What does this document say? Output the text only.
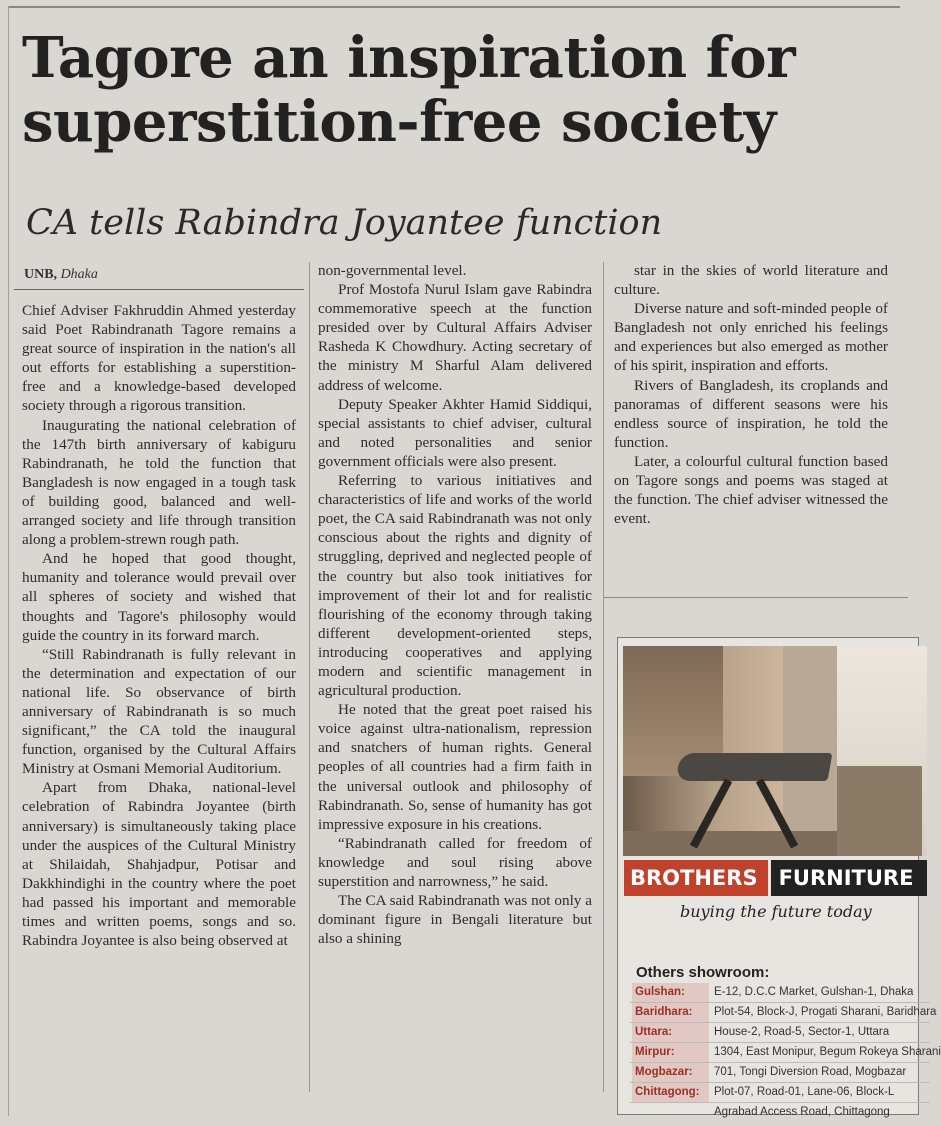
Tagore an inspiration for superstition-free society
CA tells Rabindra Joyantee function
UNB, Dhaka

Chief Adviser Fakhruddin Ahmed yesterday said Poet Rabindranath Tagore remains a great source of inspiration in the nation's all out efforts for establishing a superstition-free and a knowledge-based developed society through a rigorous transition.

Inaugurating the national celebration of the 147th birth anniversary of kabiguru Rabindranath, he told the function that Bangladesh is now engaged in a tough task of building good, balanced and well-arranged society and life through transition along a problem-strewn rough path.

And he hoped that good thought, humanity and tolerance would prevail over all spheres of society and wished that thoughts and Tagore's philosophy would guide the country in its forward march.

“Still Rabindranath is fully relevant in the determination and expectation of our national life. So observance of birth anniversary of Rabindranath is so much significant,” the CA told the inaugural function, organised by the Cultural Affairs Ministry at Osmani Memorial Auditorium.

Apart from Dhaka, national-level celebration of Rabindra Joyantee (birth anniversary) is simultaneously taking place under the auspices of the Cultural Ministry at Shilaidah, Shahjadpur, Potisar and Dakkhindighi in the country where the poet had passed his important and memorable times and written poems, songs and so. Rabindra Joyantee is also being observed at

non-governmental level.

Prof Mostofa Nurul Islam gave Rabindra commemorative speech at the function presided over by Cultural Affairs Adviser Rasheda K Chowdhury. Acting secretary of the ministry M Sharful Alam delivered address of welcome.

Deputy Speaker Akhter Hamid Siddiqui, special assistants to chief adviser, cultural and noted personalities and senior government officials were also present.

Referring to various initiatives and characteristics of life and works of the world poet, the CA said Rabindranath was not only conscious about the rights and dignity of struggling, deprived and neglected people of the country but also took initiatives for improvement of their lot and for realistic flourishing of the economy through taking different development-oriented steps, introducing cooperatives and applying modern and scientific management in agricultural production.

He noted that the great poet raised his voice against ultra-nationalism, repression and snatchers of human rights. General peoples of all countries had a firm faith in the universal outlook and philosophy of Rabindranath. So, sense of humanity has got impressive exposure in his creations.

“Rabindranath called for freedom of knowledge and soul rising above superstition and narrowness,” he said.

The CA said Rabindranath was not only a dominant figure in Bengali literature but also a shining

star in the skies of world literature and culture.

Diverse nature and soft-minded people of Bangladesh not only enriched his feelings and experiences but also emerged as mother of his spirit, inspiration and efforts.

Rivers of Bangladesh, its croplands and panoramas of different seasons were his endless source of inspiration, he told the function.

Later, a colourful cultural function based on Tagore songs and poems was staged at the function. The chief adviser witnessed the event.

BROTHERS	FURNITURE
buying the future today
Others showroom:
Gulshan:	E-12, D.C.C Market, Gulshan-1, Dhaka
Baridhara:	Plot-54, Block-J, Progati Sharani, Baridhara
Uttara:	House-2, Road-5, Sector-1, Uttara
Mirpur:	1304, East Monipur, Begum Rokeya Sharani
Mogbazar:	701, Tongi Diversion Road, Mogbazar
Chittagong:	Plot-07, Road-01, Lane-06, Block-L
Agrabad Access Road, Chittagong
